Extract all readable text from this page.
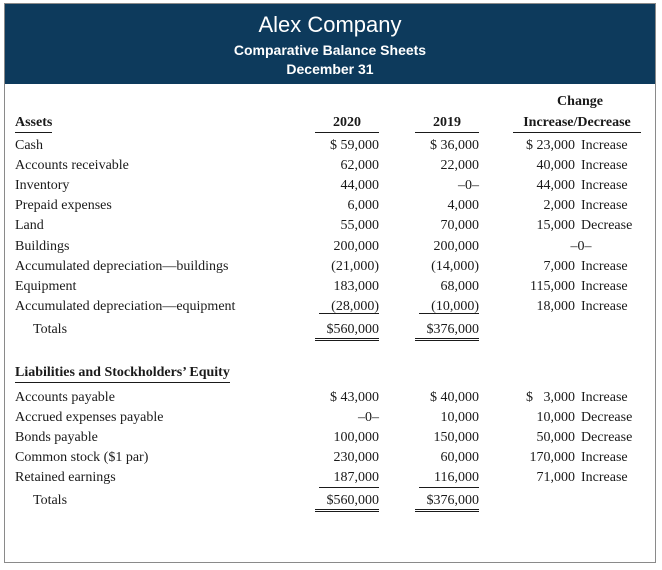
Alex Company
Comparative Balance Sheets
December 31
Change
Assets	2020	2019	Increase/Decrease
Cash	$ 59,000	$ 36,000	$ 23,000 Increase
Accounts receivable	62,000	22,000	40,000 Increase
Inventory	44,000	–0–	44,000 Increase
Prepaid expenses	6,000	4,000	2,000 Increase
Land	55,000	70,000	15,000 Decrease
Buildings	200,000	200,000	–0–
Accumulated depreciation—buildings	(21,000)	(14,000)	7,000 Increase
Equipment	183,000	68,000	115,000 Increase
Accumulated depreciation—equipment	(28,000)	(10,000)	18,000 Increase
Totals	$560,000	$376,000
Liabilities and Stockholders’ Equity
Accounts payable	$ 43,000	$ 40,000	$   3,000 Increase
Accrued expenses payable	–0–	10,000	10,000 Decrease
Bonds payable	100,000	150,000	50,000 Decrease
Common stock ($1 par)	230,000	60,000	170,000 Increase
Retained earnings	187,000	116,000	71,000 Increase
Totals	$560,000	$376,000
